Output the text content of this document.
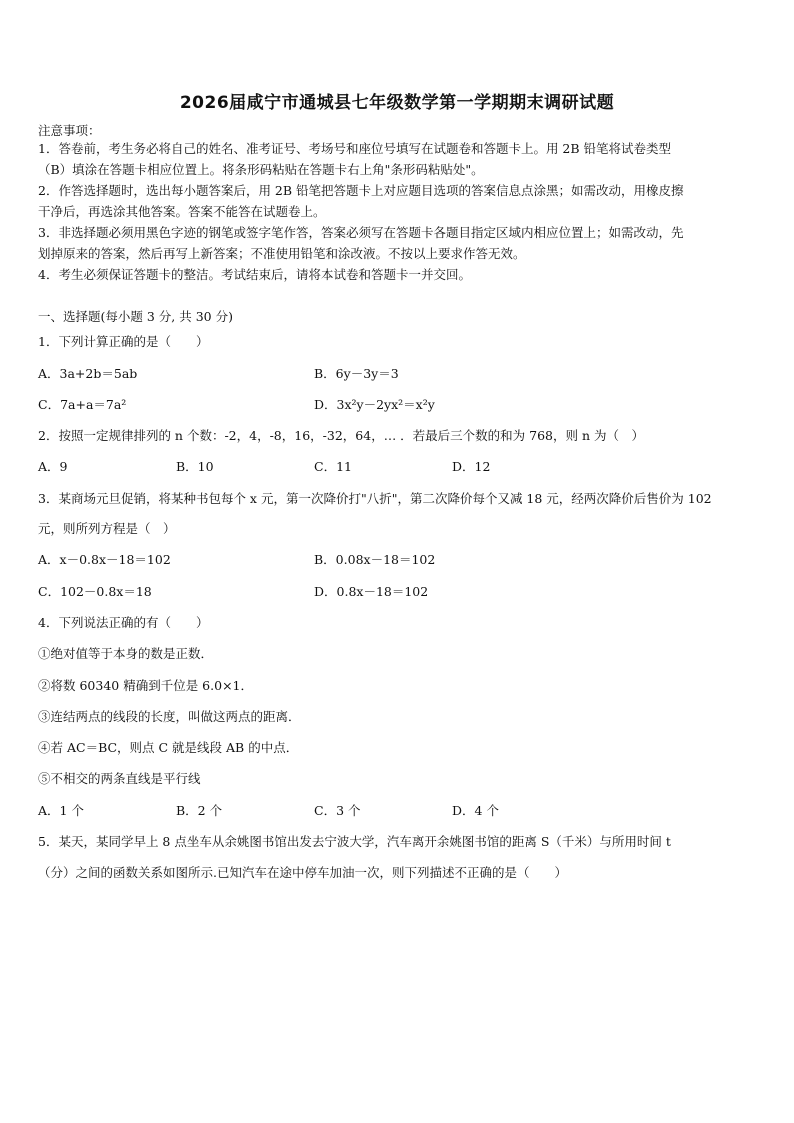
2026届咸宁市通城县七年级数学第一学期期末调研试题
注意事项：
1．答卷前，考生务必将自己的姓名、准考证号、考场号和座位号填写在试题卷和答题卡上。用 2B 铅笔将试卷类型
（B）填涂在答题卡相应位置上。将条形码粘贴在答题卡右上角"条形码粘贴处"。
2．作答选择题时，选出每小题答案后，用 2B 铅笔把答题卡上对应题目选项的答案信息点涂黑；如需改动，用橡皮擦
干净后，再选涂其他答案。答案不能答在试题卷上。
3．非选择题必须用黑色字迹的钢笔或签字笔作答，答案必须写在答题卡各题目指定区域内相应位置上；如需改动，先
划掉原来的答案，然后再写上新答案；不准使用铅笔和涂改液。不按以上要求作答无效。
4．考生必须保证答题卡的整洁。考试结束后，请将本试卷和答题卡一并交回。
一、选择题(每小题 3 分, 共 30 分)
1．下列计算正确的是（　　）
A．3a+2b＝5ab	B．6y－3y＝3
C．7a+a＝7a²	D．3x²y－2yx²＝x²y
2．按照一定规律排列的 n 个数：-2，4，-8，16，-32，64，… ．若最后三个数的和为 768，则 n 为（　）
A．9	B．10	C．11	D．12
3．某商场元旦促销，将某种书包每个 x 元，第一次降价打"八折"，第二次降价每个又减 18 元，经两次降价后售价为 102
元，则所列方程是（　）
A．x－0.8x－18＝102	B．0.08x－18＝102
C．102－0.8x＝18	D．0.8x－18＝102
4．下列说法正确的有（　　）
①绝对值等于本身的数是正数．
②将数 60340 精确到千位是 6.0×1．
③连结两点的线段的长度，叫做这两点的距离．
④若 AC＝BC，则点 C 就是线段 AB 的中点．
⑤不相交的两条直线是平行线
A．1 个	B．2 个	C．3 个	D．4 个
5．某天，某同学早上 8 点坐车从余姚图书馆出发去宁波大学，汽车离开余姚图书馆的距离 S（千米）与所用时间 t
（分）之间的函数关系如图所示.已知汽车在途中停车加油一次，则下列描述不正确的是（　　）
